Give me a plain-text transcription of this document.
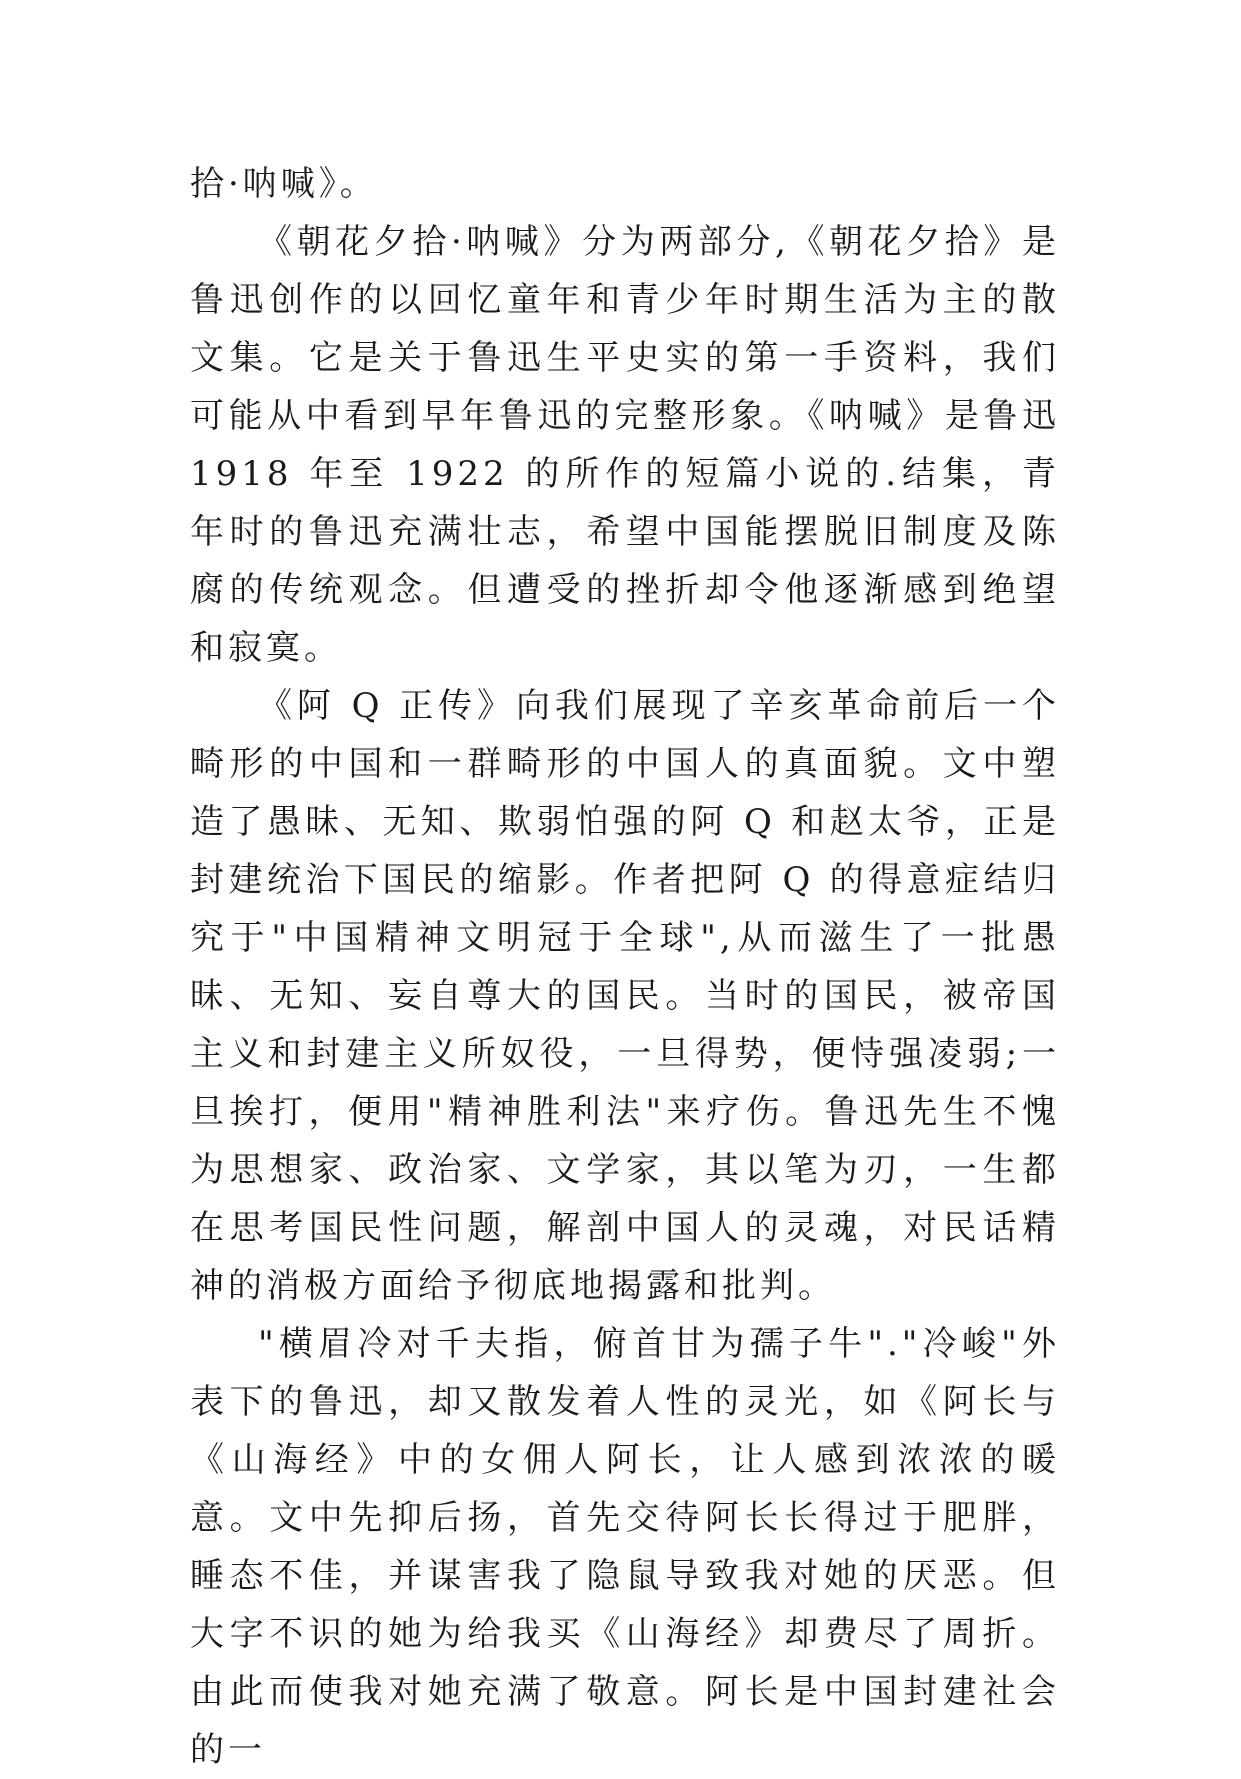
拾·呐喊》。

《朝花夕拾·呐喊》分为两部分,《朝花夕拾》是鲁迅创作的以回忆童年和青少年时期生活为主的散文集。它是关于鲁迅生平史实的第一手资料，我们可能从中看到早年鲁迅的完整形象。《呐喊》是鲁迅 1918 年至 1922 的所作的短篇小说的.结集，青年时的鲁迅充满壮志，希望中国能摆脱旧制度及陈腐的传统观念。但遭受的挫折却令他逐渐感到绝望和寂寞。

《阿 Q 正传》向我们展现了辛亥革命前后一个畸形的中国和一群畸形的中国人的真面貌。文中塑造了愚昧、无知、欺弱怕强的阿 Q 和赵太爷，正是封建统治下国民的缩影。作者把阿 Q 的得意症结归究于"中国精神文明冠于全球",从而滋生了一批愚昧、无知、妄自尊大的国民。当时的国民，被帝国主义和封建主义所奴役，一旦得势，便恃强凌弱;一旦挨打，便用"精神胜利法"来疗伤。鲁迅先生不愧为思想家、政治家、文学家，其以笔为刃，一生都在思考国民性问题，解剖中国人的灵魂，对民话精神的消极方面给予彻底地揭露和批判。

"横眉冷对千夫指，俯首甘为孺子牛"."冷峻"外表下的鲁迅，却又散发着人性的灵光，如《阿长与《山海经》中的女佣人阿长，让人感到浓浓的暖意。文中先抑后扬，首先交待阿长长得过于肥胖，睡态不佳，并谋害我了隐鼠导致我对她的厌恶。但大字不识的她为给我买《山海经》却费尽了周折。由此而使我对她充满了敬意。阿长是中国封建社会的一
